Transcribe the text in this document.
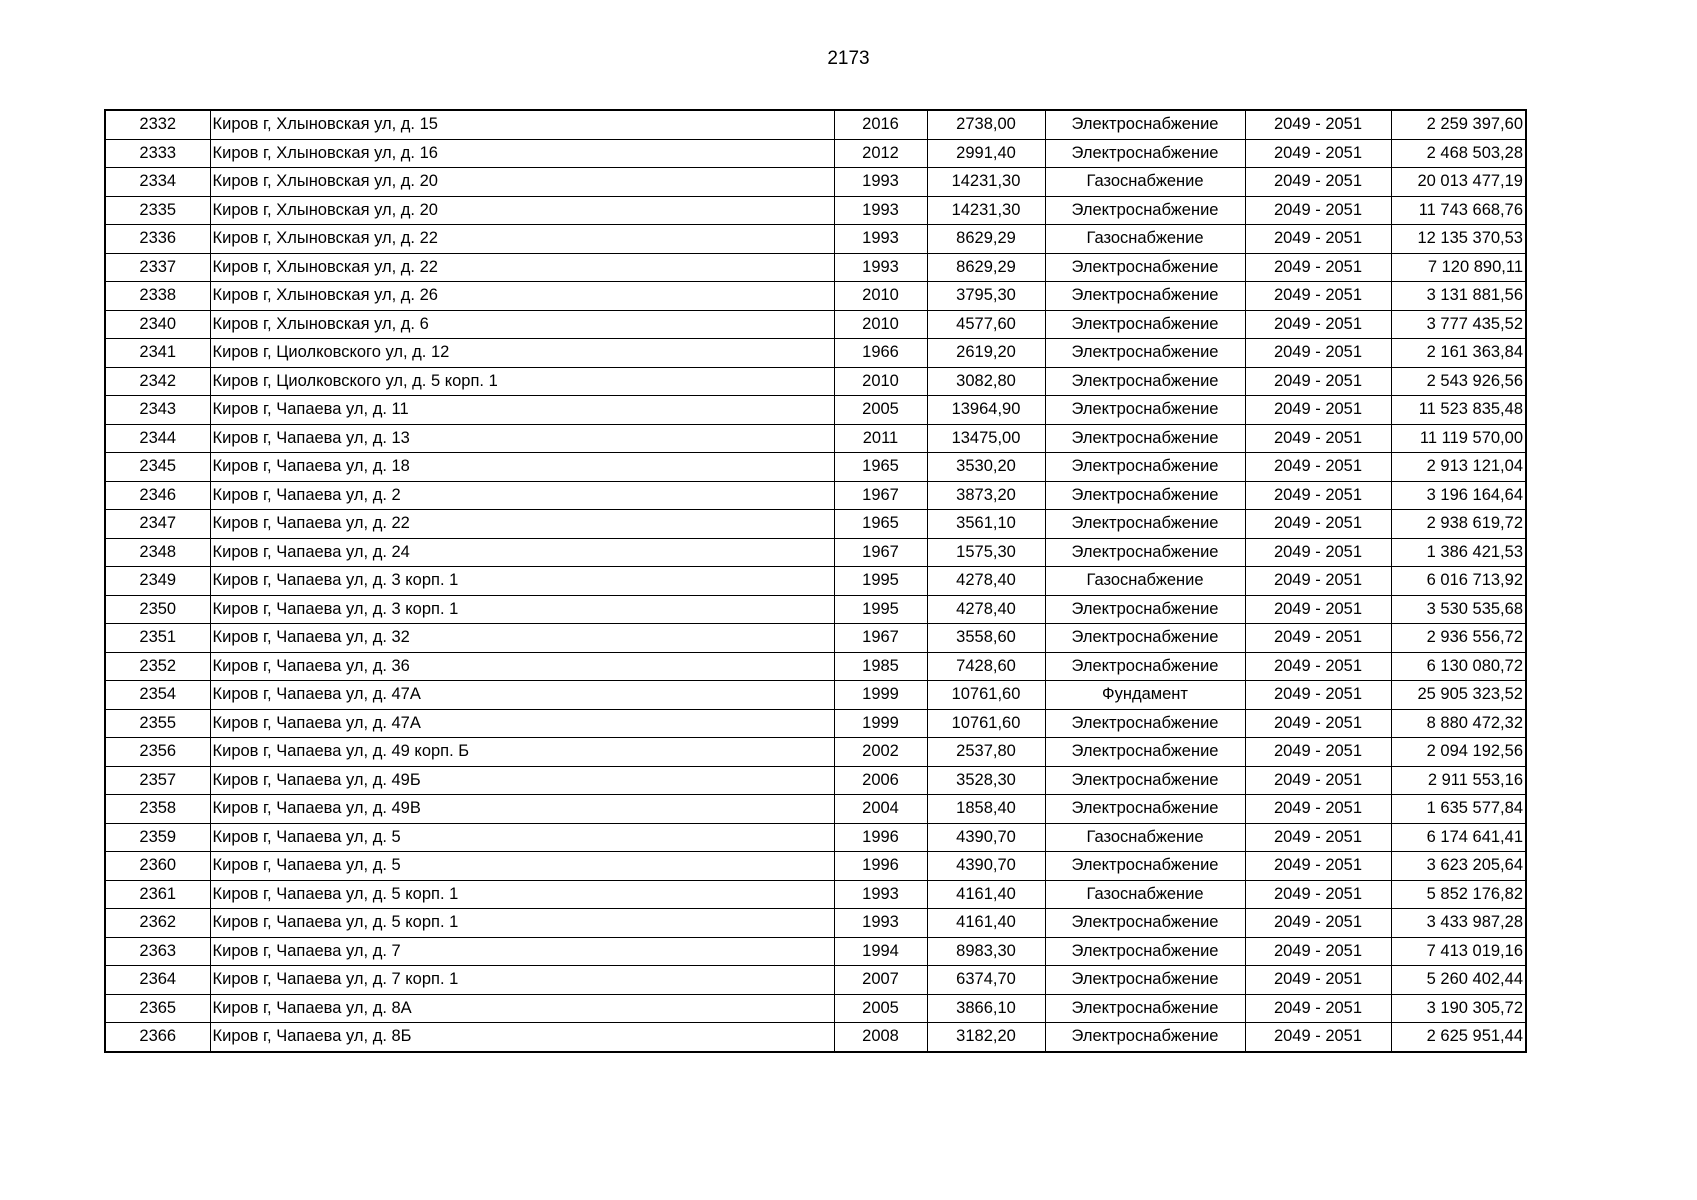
2173
2332	Киров г, Хлыновская ул, д. 15	2016	2738,00	Электроснабжение	2049 - 2051	2 259 397,60
2333	Киров г, Хлыновская ул, д. 16	2012	2991,40	Электроснабжение	2049 - 2051	2 468 503,28
2334	Киров г, Хлыновская ул, д. 20	1993	14231,30	Газоснабжение	2049 - 2051	20 013 477,19
2335	Киров г, Хлыновская ул, д. 20	1993	14231,30	Электроснабжение	2049 - 2051	11 743 668,76
2336	Киров г, Хлыновская ул, д. 22	1993	8629,29	Газоснабжение	2049 - 2051	12 135 370,53
2337	Киров г, Хлыновская ул, д. 22	1993	8629,29	Электроснабжение	2049 - 2051	7 120 890,11
2338	Киров г, Хлыновская ул, д. 26	2010	3795,30	Электроснабжение	2049 - 2051	3 131 881,56
2340	Киров г, Хлыновская ул, д. 6	2010	4577,60	Электроснабжение	2049 - 2051	3 777 435,52
2341	Киров г, Циолковского ул, д. 12	1966	2619,20	Электроснабжение	2049 - 2051	2 161 363,84
2342	Киров г, Циолковского ул, д. 5 корп. 1	2010	3082,80	Электроснабжение	2049 - 2051	2 543 926,56
2343	Киров г, Чапаева ул, д. 11	2005	13964,90	Электроснабжение	2049 - 2051	11 523 835,48
2344	Киров г, Чапаева ул, д. 13	2011	13475,00	Электроснабжение	2049 - 2051	11 119 570,00
2345	Киров г, Чапаева ул, д. 18	1965	3530,20	Электроснабжение	2049 - 2051	2 913 121,04
2346	Киров г, Чапаева ул, д. 2	1967	3873,20	Электроснабжение	2049 - 2051	3 196 164,64
2347	Киров г, Чапаева ул, д. 22	1965	3561,10	Электроснабжение	2049 - 2051	2 938 619,72
2348	Киров г, Чапаева ул, д. 24	1967	1575,30	Электроснабжение	2049 - 2051	1 386 421,53
2349	Киров г, Чапаева ул, д. 3 корп. 1	1995	4278,40	Газоснабжение	2049 - 2051	6 016 713,92
2350	Киров г, Чапаева ул, д. 3 корп. 1	1995	4278,40	Электроснабжение	2049 - 2051	3 530 535,68
2351	Киров г, Чапаева ул, д. 32	1967	3558,60	Электроснабжение	2049 - 2051	2 936 556,72
2352	Киров г, Чапаева ул, д. 36	1985	7428,60	Электроснабжение	2049 - 2051	6 130 080,72
2354	Киров г, Чапаева ул, д. 47А	1999	10761,60	Фундамент	2049 - 2051	25 905 323,52
2355	Киров г, Чапаева ул, д. 47А	1999	10761,60	Электроснабжение	2049 - 2051	8 880 472,32
2356	Киров г, Чапаева ул, д. 49 корп. Б	2002	2537,80	Электроснабжение	2049 - 2051	2 094 192,56
2357	Киров г, Чапаева ул, д. 49Б	2006	3528,30	Электроснабжение	2049 - 2051	2 911 553,16
2358	Киров г, Чапаева ул, д. 49В	2004	1858,40	Электроснабжение	2049 - 2051	1 635 577,84
2359	Киров г, Чапаева ул, д. 5	1996	4390,70	Газоснабжение	2049 - 2051	6 174 641,41
2360	Киров г, Чапаева ул, д. 5	1996	4390,70	Электроснабжение	2049 - 2051	3 623 205,64
2361	Киров г, Чапаева ул, д. 5 корп. 1	1993	4161,40	Газоснабжение	2049 - 2051	5 852 176,82
2362	Киров г, Чапаева ул, д. 5 корп. 1	1993	4161,40	Электроснабжение	2049 - 2051	3 433 987,28
2363	Киров г, Чапаева ул, д. 7	1994	8983,30	Электроснабжение	2049 - 2051	7 413 019,16
2364	Киров г, Чапаева ул, д. 7 корп. 1	2007	6374,70	Электроснабжение	2049 - 2051	5 260 402,44
2365	Киров г, Чапаева ул, д. 8А	2005	3866,10	Электроснабжение	2049 - 2051	3 190 305,72
2366	Киров г, Чапаева ул, д. 8Б	2008	3182,20	Электроснабжение	2049 - 2051	2 625 951,44
